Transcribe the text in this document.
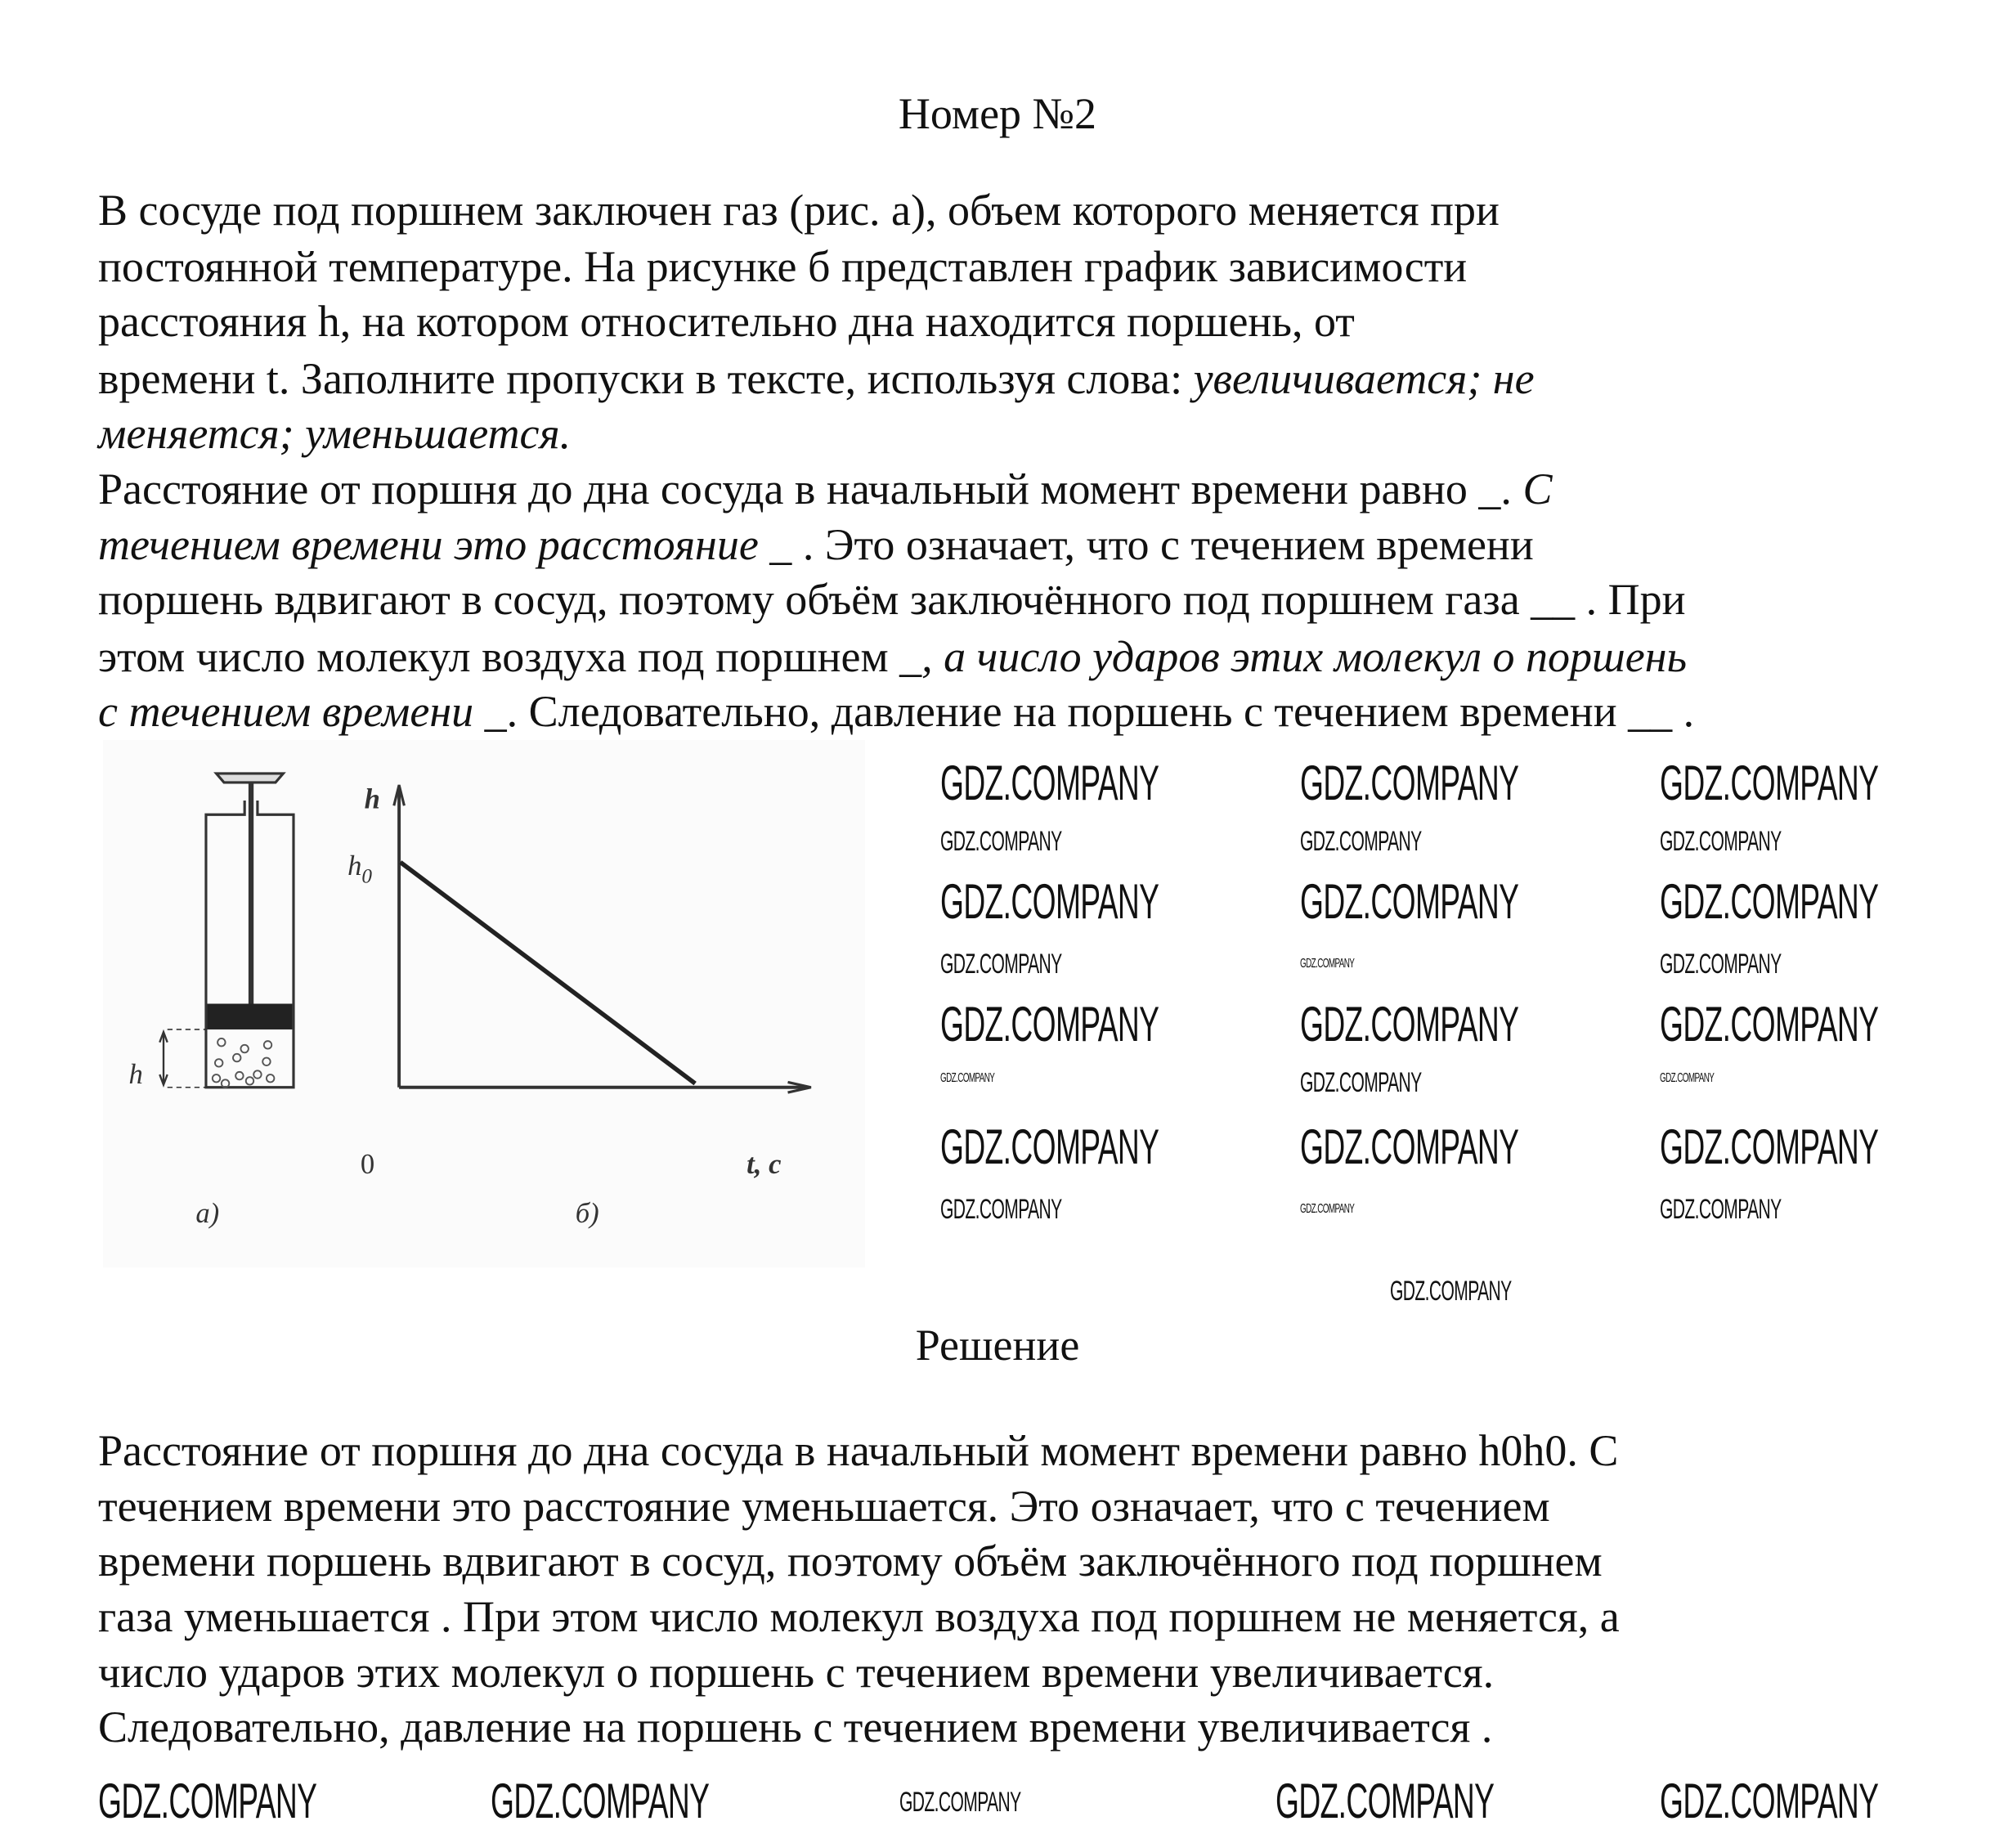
Номер №2
В сосуде под поршнем заключен газ (рис. а), объем которого меняется при
постоянной температуре. На рисунке б представлен график зависимости
расстояния h, на котором относительно дна находится поршень, от
времени t. Заполните пропуски в тексте, используя слова: увеличивается; не
меняется; уменьшается.
Расстояние от поршня до дна сосуда в начальный момент времени равно _. С
течением времени это расстояние _ . Это означает, что с течением времени
поршень вдвигают в сосуд, поэтому объём заключённого под поршнем газа __ . При
этом число молекул воздуха под поршнем _, а число ударов этих молекул о поршень
с течением времени _. Следовательно, давление на поршень с течением времени __ .
h
h
$h_0$
0	t, c
а)	б)
Решение
Расстояние от поршня до дна сосуда в начальный момент времени равно h0h0. С
течением времени это расстояние уменьшается. Это означает, что с течением
времени поршень вдвигают в сосуд, поэтому объём заключённого под поршнем
газа уменьшается . При этом число молекул воздуха под поршнем не меняется, а
число ударов этих молекул о поршень с течением времени увеличивается.
Следовательно, давление на поршень с течением времени увеличивается .
GDZ.COMPANY	GDZ.COMPANY	GDZ.COMPANY
GDZ.COMPANY	GDZ.COMPANY	GDZ.COMPANY
GDZ.COMPANY	GDZ.COMPANY	GDZ.COMPANY
GDZ.COMPANY	GDZ.COMPANY	GDZ.COMPANY
GDZ.COMPANY	GDZ.COMPANY	GDZ.COMPANY
GDZ.COMPANY	GDZ.COMPANY	GDZ.COMPANY
GDZ.COMPANY	GDZ.COMPANY	GDZ.COMPANY
GDZ.COMPANY	GDZ.COMPANY	GDZ.COMPANY
GDZ.COMPANY
GDZ.COMPANY	GDZ.COMPANY	GDZ.COMPANY	GDZ.COMPANY	GDZ.COMPANY
